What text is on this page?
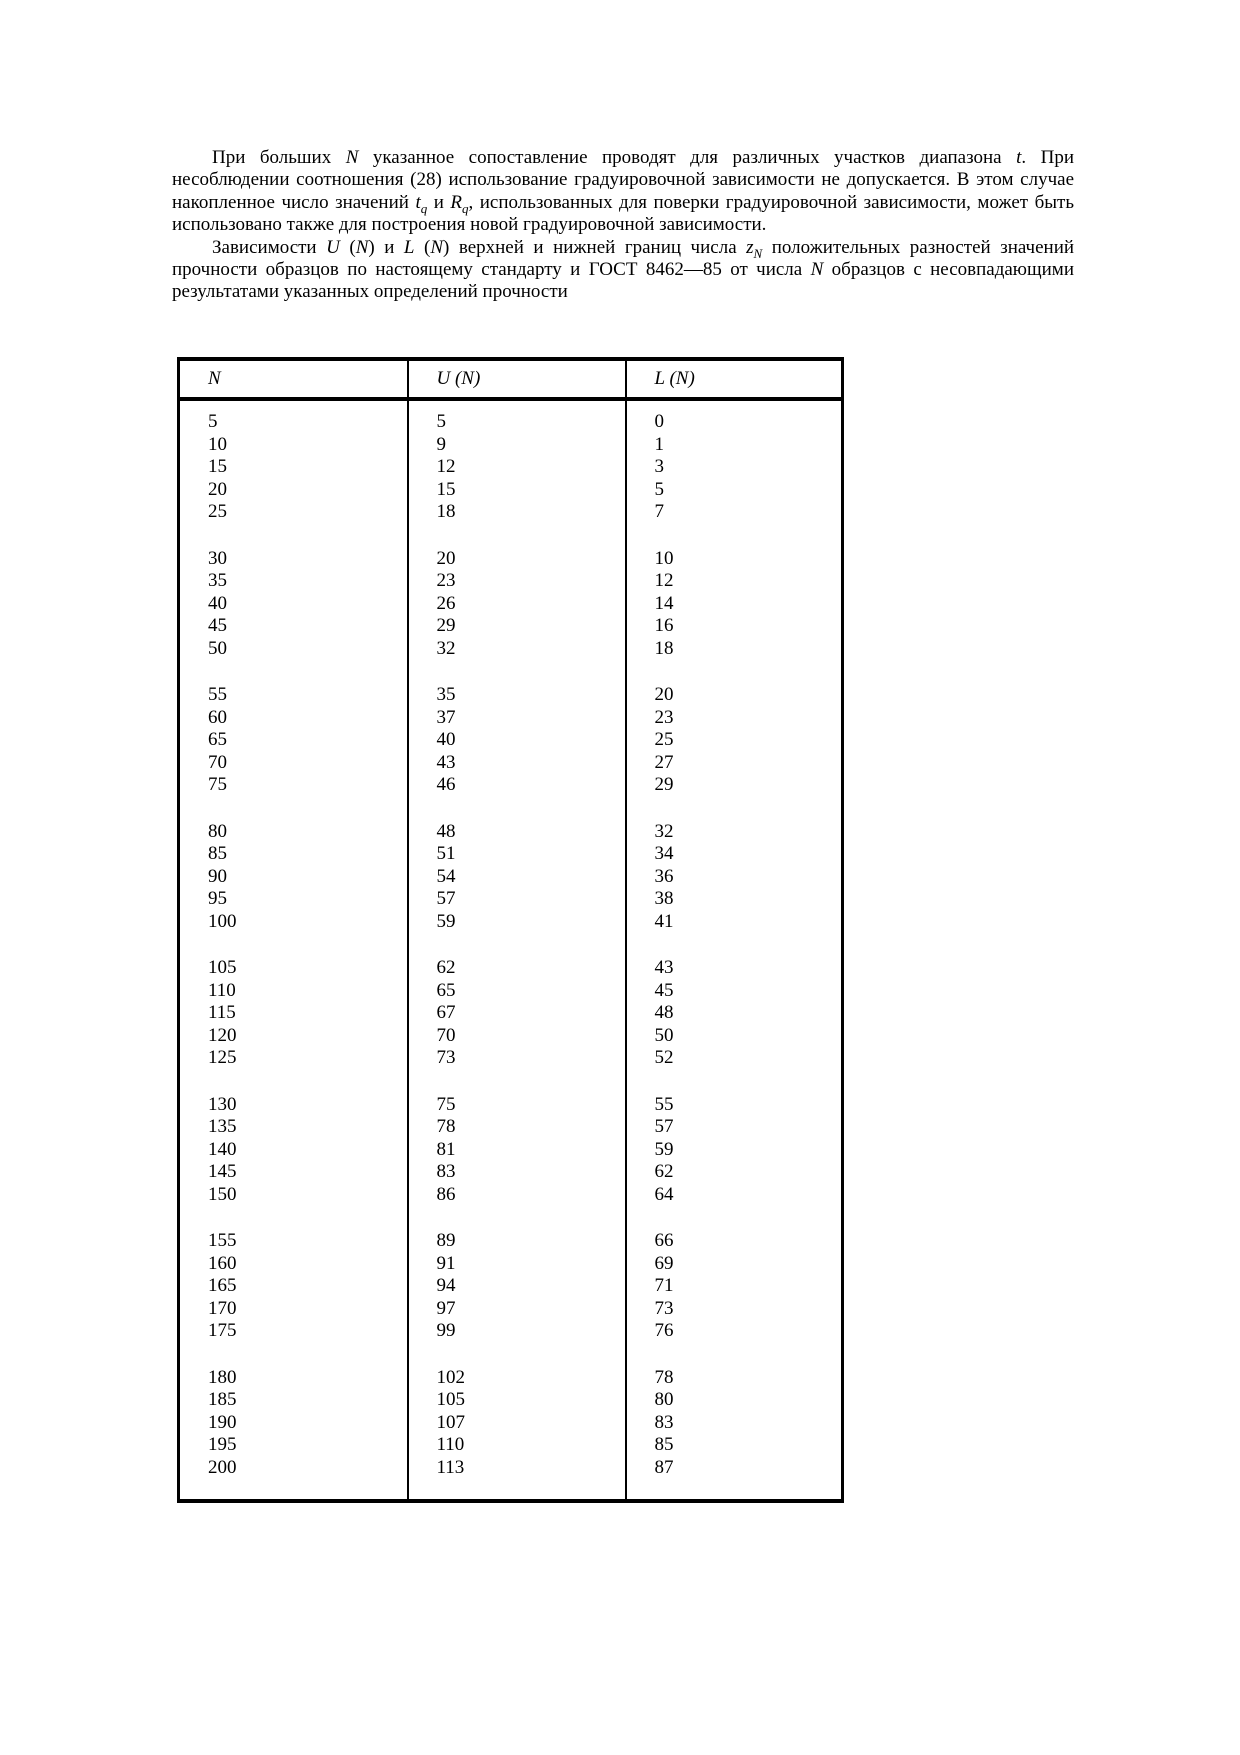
При больших N указанное сопоставление проводят для различных участков диапазона t. При несоблюдении соотношения (28) использование градуировочной зависимости не допускается. В этом случае накопленное число значений $t_q$ и $R_q$, использованных для поверки градуировочной зависимости, может быть использовано также для построения новой градуировочной зависимости.

Зависимости U (N) и L (N) верхней и нижней границ числа $z_N$ положительных разностей значений прочности образцов по настоящему стандарту и ГОСТ 8462—85 от числа N образцов с несовпадающими результатами указанных определений прочности

N	U (N)	L (N)

5	5	0
10	9	1
15	12	3
20	15	5
25	18	7

30	20	10
35	23	12
40	26	14
45	29	16
50	32	18

55	35	20
60	37	23
65	40	25
70	43	27
75	46	29

80	48	32
85	51	34
90	54	36
95	57	38
100	59	41

105	62	43
110	65	45
115	67	48
120	70	50
125	73	52

130	75	55
135	78	57
140	81	59
145	83	62
150	86	64

155	89	66
160	91	69
165	94	71
170	97	73
175	99	76

180	102	78
185	105	80
190	107	83
195	110	85
200	113	87
